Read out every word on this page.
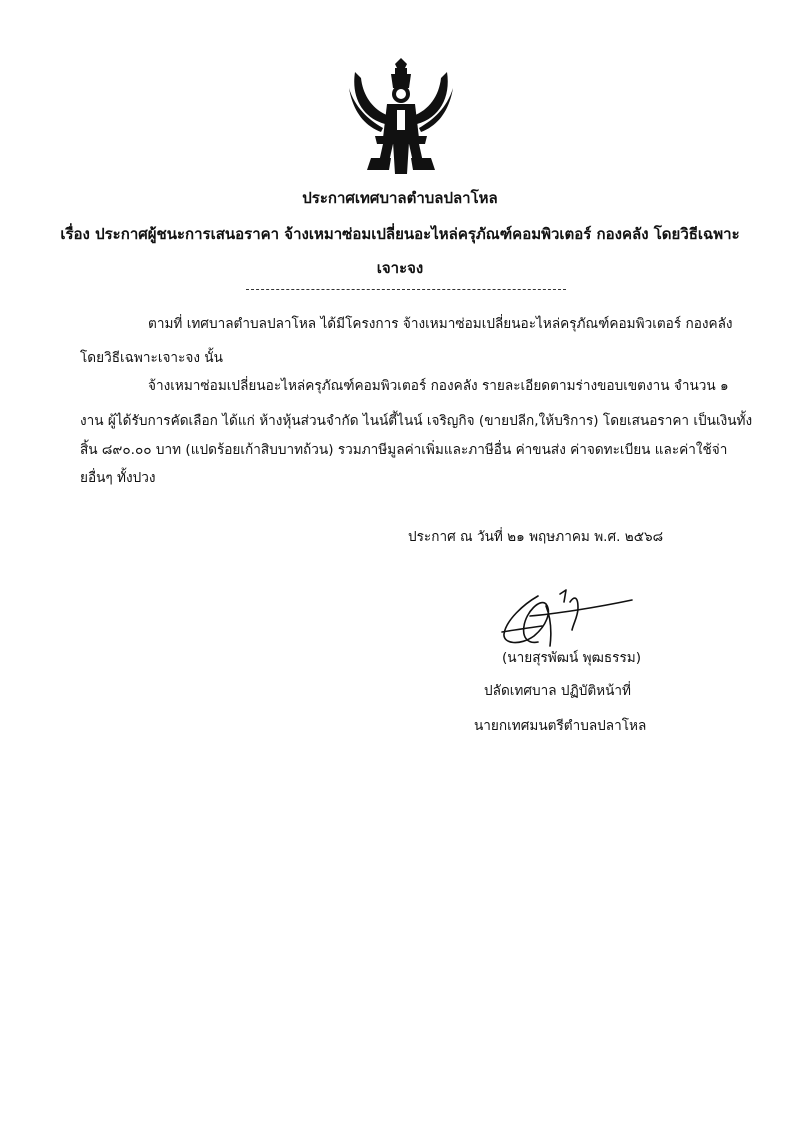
ประกาศเทศบาลตำบลปลาโหล

เรื่อง ประกาศผู้ชนะการเสนอราคา จ้างเหมาซ่อมเปลี่ยนอะไหล่ครุภัณฑ์คอมพิวเตอร์ กองคลัง โดยวิธีเฉพาะ

เจาะจง

ตามที่ เทศบาลตำบลปลาโหล ได้มีโครงการ จ้างเหมาซ่อมเปลี่ยนอะไหล่ครุภัณฑ์คอมพิวเตอร์ กองคลัง

โดยวิธีเฉพาะเจาะจง นั้น

จ้างเหมาซ่อมเปลี่ยนอะไหล่ครุภัณฑ์คอมพิวเตอร์ กองคลัง รายละเอียดตามร่างขอบเขตงาน จำนวน ๑

งาน ผู้ได้รับการคัดเลือก ได้แก่ ห้างหุ้นส่วนจำกัด ไนน์ตี้ไนน์ เจริญกิจ (ขายปลีก,ให้บริการ) โดยเสนอราคา เป็นเงินทั้ง

สิ้น ๘๙๐.๐๐ บาท (แปดร้อยเก้าสิบบาทถ้วน) รวมภาษีมูลค่าเพิ่มและภาษีอื่น ค่าขนส่ง ค่าจดทะเบียน และค่าใช้จ่า

ยอื่นๆ ทั้งปวง

ประกาศ ณ วันที่ ๒๑ พฤษภาคม พ.ศ. ๒๕๖๘
(นายสุรพัฒน์ พุฒธรรม)
ปลัดเทศบาล ปฏิบัติหน้าที่
นายกเทศมนตรีตำบลปลาโหล
